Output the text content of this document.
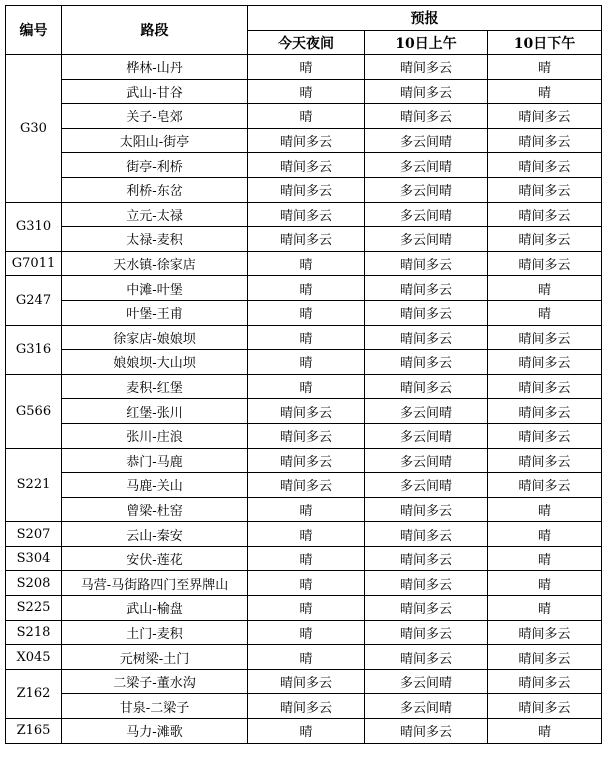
编号	路段	预报		
		今天夜间	10日上午	10日下午
G30	桦林-山丹	晴	晴间多云	晴
	武山-甘谷	晴	晴间多云	晴
	关子-皂郊	晴	晴间多云	晴间多云
	太阳山-街亭	晴间多云	多云间晴	晴间多云
	街亭-利桥	晴间多云	多云间晴	晴间多云
	利桥-东岔	晴间多云	多云间晴	晴间多云
G310	立元-太禄	晴间多云	多云间晴	晴间多云
	太禄-麦积	晴间多云	多云间晴	晴间多云
G7011	天水镇-徐家店	晴	晴间多云	晴间多云
G247	中滩-叶堡	晴	晴间多云	晴
	叶堡-王甫	晴	晴间多云	晴
G316	徐家店-娘娘坝	晴	晴间多云	晴间多云
	娘娘坝-大山坝	晴	晴间多云	晴间多云
G566	麦积-红堡	晴	晴间多云	晴间多云
	红堡-张川	晴间多云	多云间晴	晴间多云
	张川-庄浪	晴间多云	多云间晴	晴间多云
S221	恭门-马鹿	晴间多云	多云间晴	晴间多云
	马鹿-关山	晴间多云	多云间晴	晴间多云
	曾梁-杜窑	晴	晴间多云	晴
S207	云山-秦安	晴	晴间多云	晴
S304	安伏-莲花	晴	晴间多云	晴
S208	马营-马街路四门至界牌山	晴	晴间多云	晴
S225	武山-榆盘	晴	晴间多云	晴
S218	土门-麦积	晴	晴间多云	晴间多云
X045	元树梁-土门	晴	晴间多云	晴间多云
Z162	二梁子-董水沟	晴间多云	多云间晴	晴间多云
	甘泉-二梁子	晴间多云	多云间晴	晴间多云
Z165	马力-滩歌	晴	晴间多云	晴
